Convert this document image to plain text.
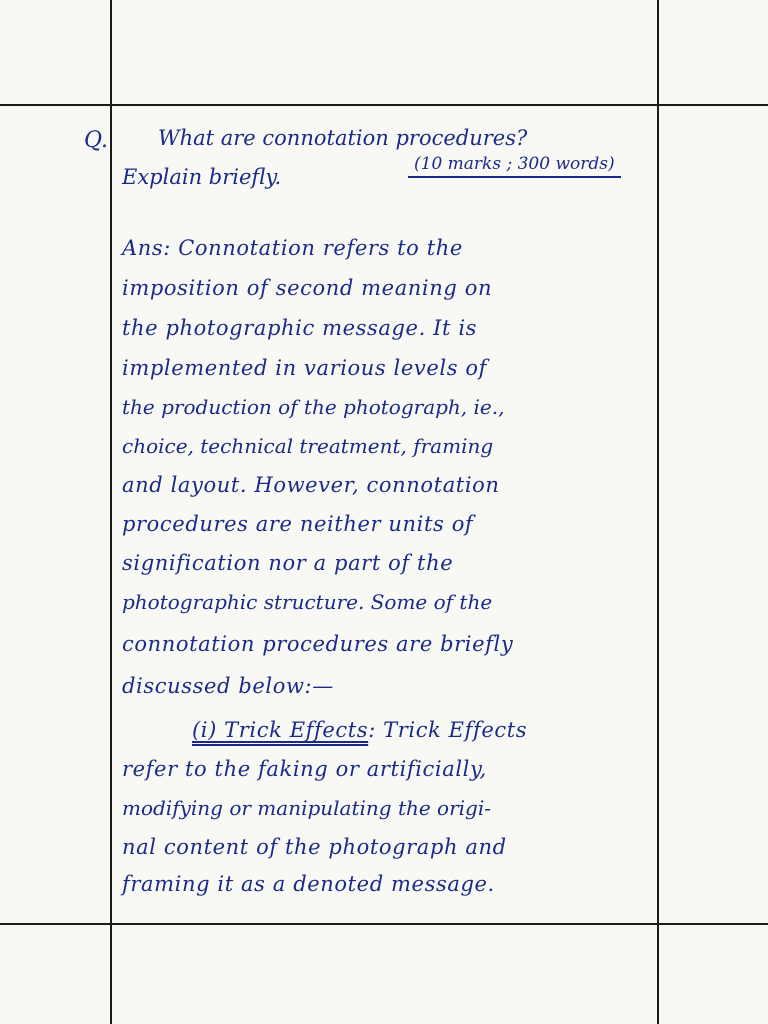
Q. What are connotation procedures?
Explain briefly.
(10 marks ; 300 words)
Ans: Connotation refers to the
imposition of second meaning on
the photographic message. It is
implemented in various levels of
the production of the photograph, ie.,
choice, technical treatment, framing
and layout. However, connotation
procedures are neither units of
signification nor a part of the
photographic structure. Some of the
connotation procedures are briefly
discussed below:—
(i) Trick Effects: Trick Effects
refer to the faking or artificially,
modifying or manipulating the origi-
nal content of the photograph and
framing it as a denoted message.
